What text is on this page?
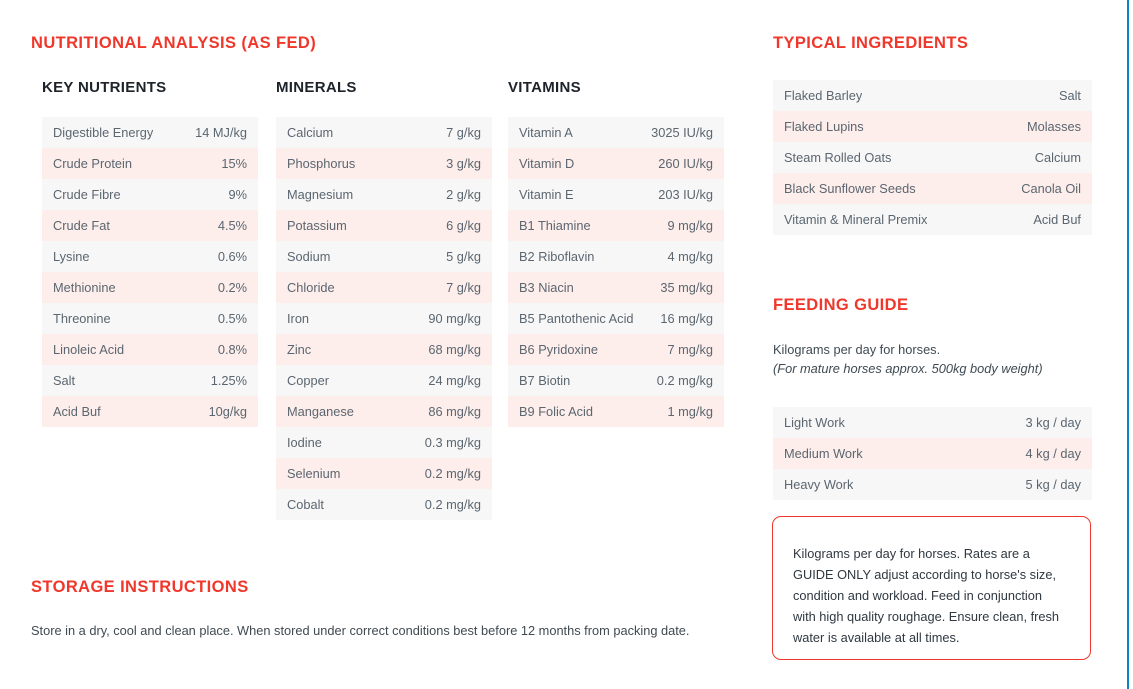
NUTRITIONAL ANALYSIS (AS FED)
KEY NUTRIENTS
Digestible Energy	14 MJ/kg
Crude Protein	15%
Crude Fibre	9%
Crude Fat	4.5%
Lysine	0.6%
Methionine	0.2%
Threonine	0.5%
Linoleic Acid	0.8%
Salt	1.25%
Acid Buf	10g/kg
MINERALS
Calcium	7 g/kg
Phosphorus	3 g/kg
Magnesium	2 g/kg
Potassium	6 g/kg
Sodium	5 g/kg
Chloride	7 g/kg
Iron	90 mg/kg
Zinc	68 mg/kg
Copper	24 mg/kg
Manganese	86 mg/kg
Iodine	0.3 mg/kg
Selenium	0.2 mg/kg
Cobalt	0.2 mg/kg
VITAMINS
Vitamin A	3025 IU/kg
Vitamin D	260 IU/kg
Vitamin E	203 IU/kg
B1 Thiamine	9 mg/kg
B2 Riboflavin	4 mg/kg
B3 Niacin	35 mg/kg
B5 Pantothenic Acid	16 mg/kg
B6 Pyridoxine	7 mg/kg
B7 Biotin	0.2 mg/kg
B9 Folic Acid	1 mg/kg
STORAGE INSTRUCTIONS
Store in a dry, cool and clean place. When stored under correct conditions best before 12 months from packing date.
TYPICAL INGREDIENTS
Flaked Barley	Salt
Flaked Lupins	Molasses
Steam Rolled Oats	Calcium
Black Sunflower Seeds	Canola Oil
Vitamin & Mineral Premix	Acid Buf
FEEDING GUIDE
Kilograms per day for horses.
(For mature horses approx. 500kg body weight)
Light Work	3 kg / day
Medium Work	4 kg / day
Heavy Work	5 kg / day

Kilograms per day for horses. Rates are a GUIDE ONLY adjust according to horse's size, condition and workload. Feed in conjunction with high quality roughage. Ensure clean, fresh water is available at all times.
